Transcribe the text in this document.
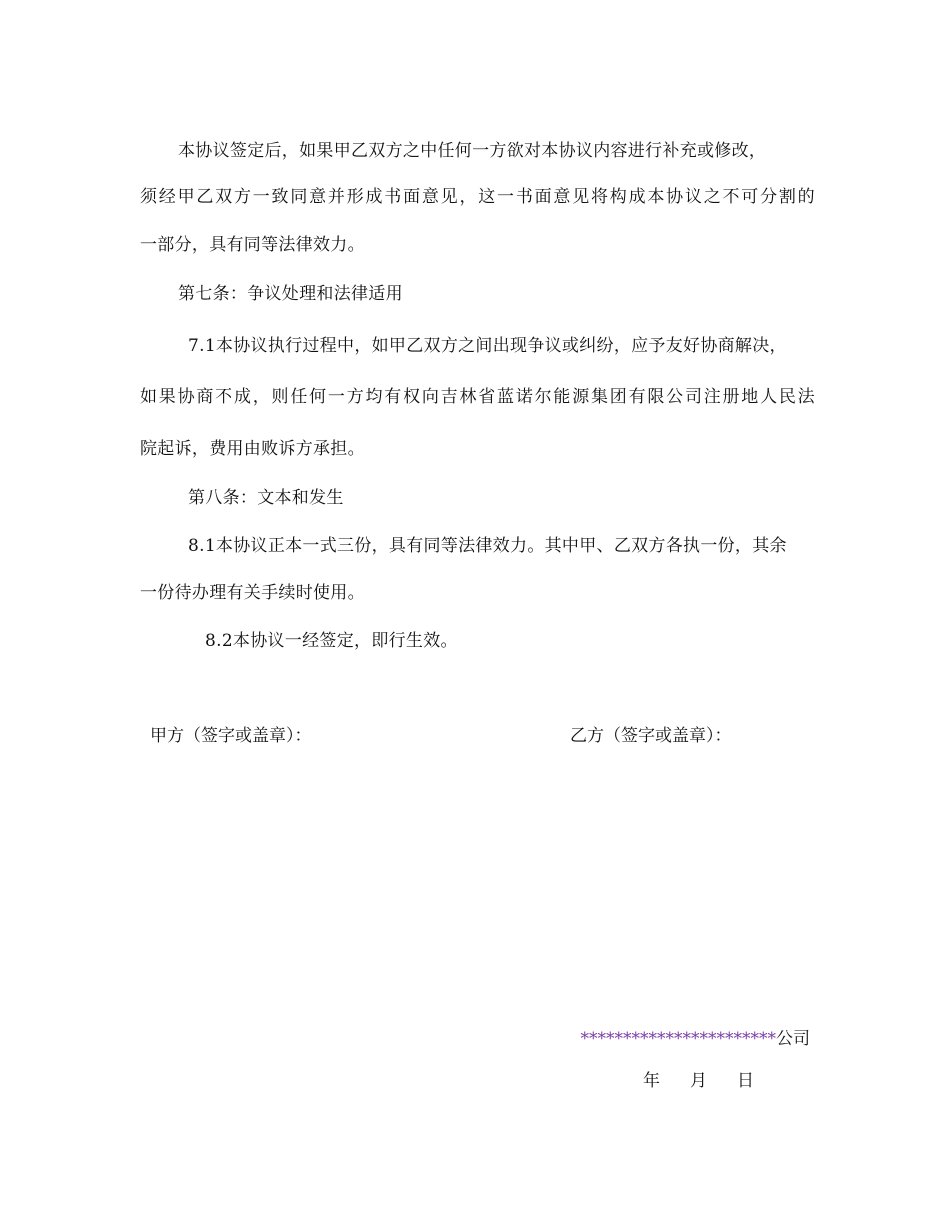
本协议签定后，如果甲乙双方之中任何一方欲对本协议内容进行补充或修改，
须经甲乙双方一致同意并形成书面意见，这一书面意见将构成本协议之不可分割的
一部分，具有同等法律效力。
第七条：争议处理和法律适用
7.1本协议执行过程中，如甲乙双方之间出现争议或纠纷，应予友好协商解决，
如果协商不成，则任何一方均有权向吉林省蓝诺尔能源集团有限公司注册地人民法
院起诉，费用由败诉方承担。
第八条：文本和发生
8.1本协议正本一式三份，具有同等法律效力。其中甲、乙双方各执一份，其余
一份待办理有关手续时使用。
8.2本协议一经签定，即行生效。
甲方（签字或盖章）：	乙方（签字或盖章）：
***********************公司
年 月 日
